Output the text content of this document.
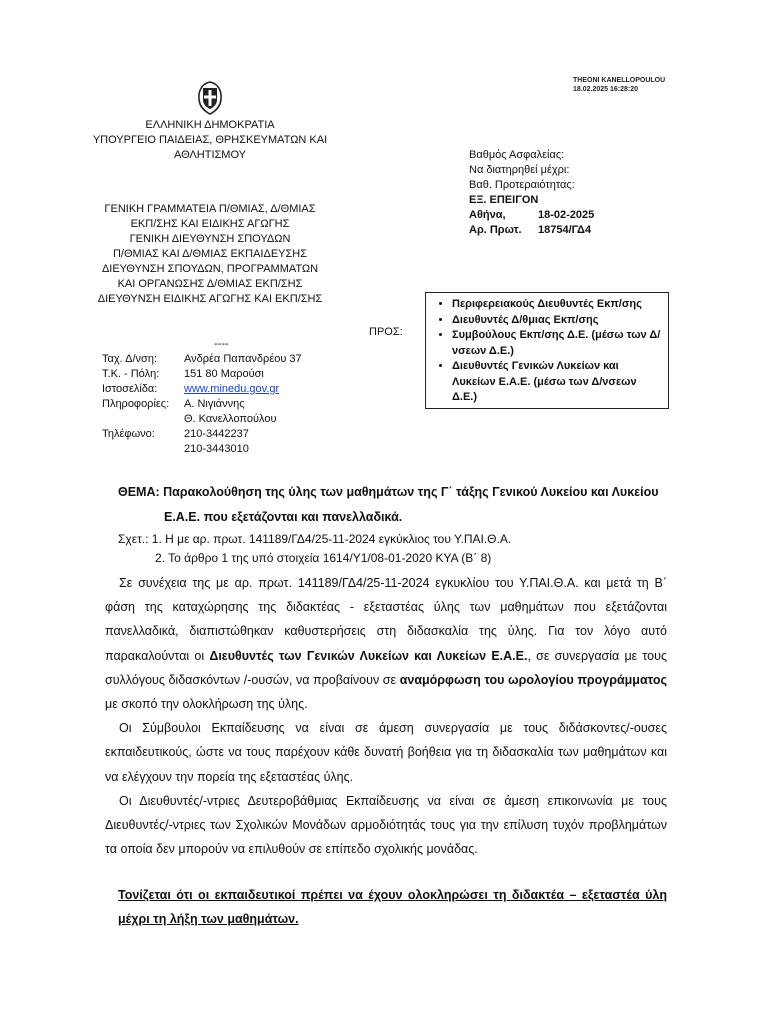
THEONI KANELLOPOULOU
18.02.2025 16:28:20
ΕΛΛΗΝΙΚΗ ΔΗΜΟΚΡΑΤΙΑ
ΥΠΟΥΡΓΕΙΟ ΠΑΙΔΕΙΑΣ, ΘΡΗΣΚΕΥΜΑΤΩΝ ΚΑΙ
ΑΘΛΗΤΙΣΜΟΥ
ΓΕΝΙΚΗ ΓΡΑΜΜΑΤΕΙΑ Π/ΘΜΙΑΣ, Δ/ΘΜΙΑΣ
ΕΚΠ/ΣΗΣ ΚΑΙ ΕΙΔΙΚΗΣ ΑΓΩΓΗΣ
ΓΕΝΙΚΗ ΔΙΕΥΘΥΝΣΗ ΣΠΟΥΔΩΝ
Π/ΘΜΙΑΣ ΚΑΙ Δ/ΘΜΙΑΣ ΕΚΠΑΙΔΕΥΣΗΣ
ΔΙΕΥΘΥΝΣΗ ΣΠΟΥΔΩΝ, ΠΡΟΓΡΑΜΜΑΤΩΝ
ΚΑΙ ΟΡΓΑΝΩΣΗΣ Δ/ΘΜΙΑΣ ΕΚΠ/ΣΗΣ
ΔΙΕΥΘΥΝΣΗ ΕΙΔΙΚΗΣ ΑΓΩΓΗΣ ΚΑΙ ΕΚΠ/ΣΗΣ
----
Ταχ. Δ/νση:	Ανδρέα Παπανδρέου 37
Τ.Κ. - Πόλη:	151 80 Μαρούσι
Ιστοσελίδα:	www.minedu.gov.gr
Πληροφορίες:	Α. Νιγιάννης
Θ. Κανελλοπούλου
Τηλέφωνο:	210-3442237
210-3443010
Βαθμός Ασφαλείας:
Να διατηρηθεί μέχρι:
Βαθ. Προτεραιότητας:
ΕΞ. ΕΠΕΙΓΟΝ
Αθήνα,	18-02-2025
Αρ. Πρωτ.	18754/ΓΔ4
ΠΡΟΣ:
• Περιφερειακούς Διευθυντές Εκπ/σης
• Διευθυντές Δ/θμιας Εκπ/σης
• Συμβούλους Εκπ/σης Δ.Ε. (μέσω των Δ/νσεων Δ.Ε.)
• Διευθυντές Γενικών Λυκείων και Λυκείων Ε.Α.Ε. (μέσω των Δ/νσεων Δ.Ε.)
ΘΕΜΑ: Παρακολούθηση της ύλης των μαθημάτων της Γ΄ τάξης Γενικού Λυκείου και Λυκείου
Ε.Α.Ε. που εξετάζονται και πανελλαδικά.
Σχετ.: 1. Η με αρ. πρωτ. 141189/ΓΔ4/25-11-2024 εγκύκλιος του Υ.ΠΑΙ.Θ.Α.
2. Το άρθρο 1 της υπό στοιχεία 1614/Υ1/08-01-2020 ΚΥΑ (Β΄ 8)

Σε συνέχεια της με αρ. πρωτ. 141189/ΓΔ4/25-11-2024 εγκυκλίου του Υ.ΠΑΙ.Θ.Α. και μετά τη Β΄ φάση της καταχώρησης της διδακτέας - εξεταστέας ύλης των μαθημάτων που εξετάζονται πανελλαδικά, διαπιστώθηκαν καθυστερήσεις στη διδασκαλία της ύλης. Για τον λόγο αυτό παρακαλούνται οι Διευθυντές των Γενικών Λυκείων και Λυκείων Ε.Α.Ε., σε συνεργασία με τους συλλόγους διδασκόντων /-ουσών, να προβαίνουν σε αναμόρφωση του ωρολογίου προγράμματος με σκοπό την ολοκλήρωση της ύλης.

Οι Σύμβουλοι Εκπαίδευσης να είναι σε άμεση συνεργασία με τους διδάσκοντες/-ουσες εκπαιδευτικούς, ώστε να τους παρέχουν κάθε δυνατή βοήθεια για τη διδασκαλία των μαθημάτων και να ελέγχουν την πορεία της εξεταστέας ύλης.

Οι Διευθυντές/-ντριες Δευτεροβάθμιας Εκπαίδευσης να είναι σε άμεση επικοινωνία με τους Διευθυντές/-ντριες των Σχολικών Μονάδων αρμοδιότητάς τους για την επίλυση τυχόν προβλημάτων τα οποία δεν μπορούν να επιλυθούν σε επίπεδο σχολικής μονάδας.

Τονίζεται ότι οι εκπαιδευτικοί πρέπει να έχουν ολοκληρώσει τη διδακτέα – εξεταστέα ύλη μέχρι τη λήξη των μαθημάτων.
